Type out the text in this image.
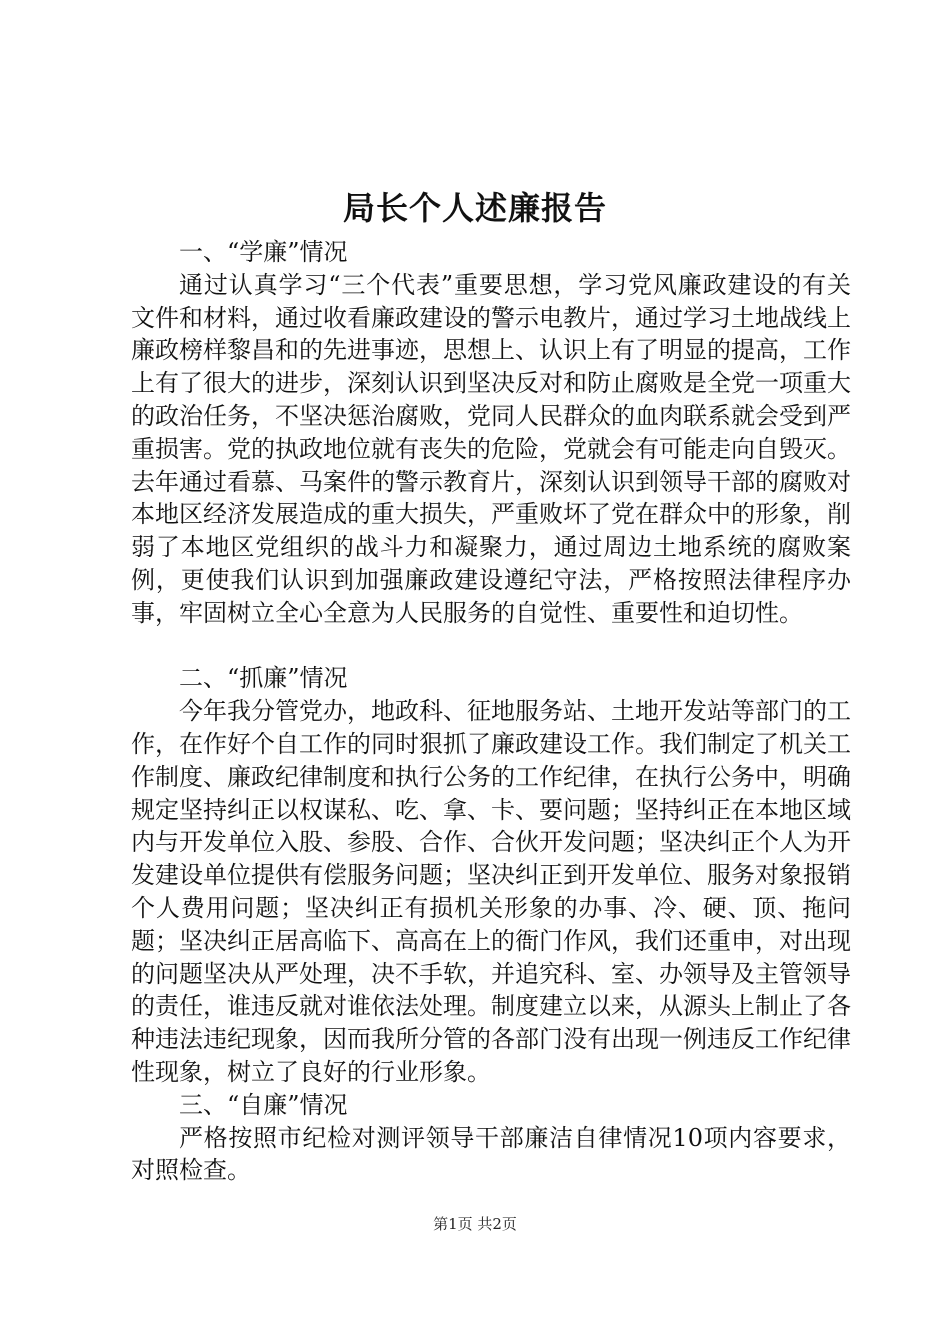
局长个人述廉报告

一、“学廉”情况

通过认真学习“三个代表”重要思想，学习党风廉政建设的有关文件和材料，通过收看廉政建设的警示电教片，通过学习土地战线上廉政榜样黎昌和的先进事迹，思想上、认识上有了明显的提高，工作上有了很大的进步，深刻认识到坚决反对和防止腐败是全党一项重大的政治任务，不坚决惩治腐败，党同人民群众的血肉联系就会受到严重损害。党的执政地位就有丧失的危险，党就会有可能走向自毁灭。去年通过看慕、马案件的警示教育片，深刻认识到领导干部的腐败对本地区经济发展造成的重大损失，严重败坏了党在群众中的形象，削弱了本地区党组织的战斗力和凝聚力，通过周边土地系统的腐败案例，更使我们认识到加强廉政建设遵纪守法，严格按照法律程序办事，牢固树立全心全意为人民服务的自觉性、重要性和迫切性。

二、“抓廉”情况

今年我分管党办，地政科、征地服务站、土地开发站等部门的工作，在作好个自工作的同时狠抓了廉政建设工作。我们制定了机关工作制度、廉政纪律制度和执行公务的工作纪律，在执行公务中，明确规定坚持纠正以权谋私、吃、拿、卡、要问题；坚持纠正在本地区域内与开发单位入股、参股、合作、合伙开发问题；坚决纠正个人为开发建设单位提供有偿服务问题；坚决纠正到开发单位、服务对象报销个人费用问题；坚决纠正有损机关形象的办事、冷、硬、顶、拖问题；坚决纠正居高临下、高高在上的衙门作风，我们还重申，对出现的问题坚决从严处理，决不手软，并追究科、室、办领导及主管领导的责任，谁违反就对谁依法处理。制度建立以来，从源头上制止了各种违法违纪现象，因而我所分管的各部门没有出现一例违反工作纪律性现象，树立了良好的行业形象。

三、“自廉”情况

严格按照市纪检对测评领导干部廉洁自律情况10项内容要求，对照检查。

第1页 共2页
